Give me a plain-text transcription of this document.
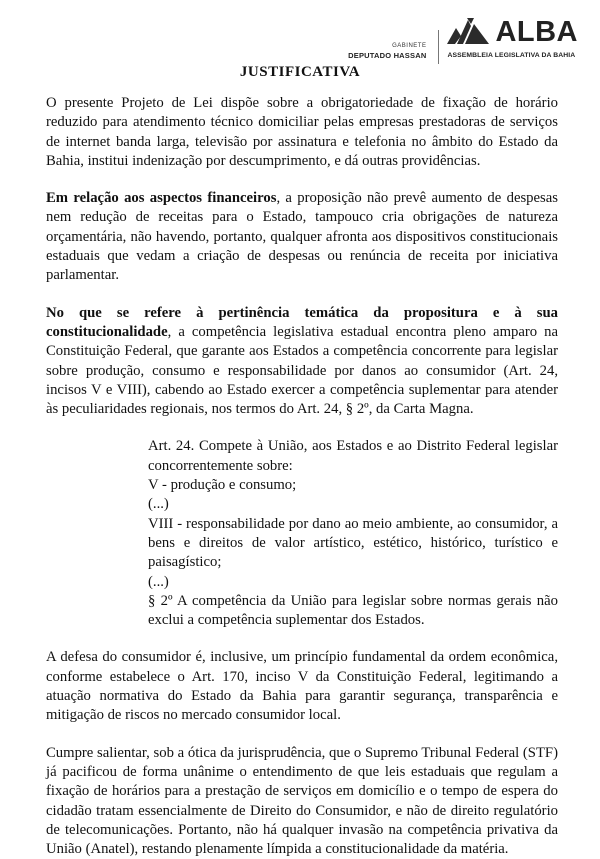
GABINETE
DEPUTADO HASSAN
ALBA
ASSEMBLEIA LEGISLATIVA DA BAHIA
JUSTIFICATIVA

O presente Projeto de Lei dispõe sobre a obrigatoriedade de fixação de horário reduzido para atendimento técnico domiciliar pelas empresas prestadoras de serviços de internet banda larga, televisão por assinatura e telefonia no âmbito do Estado da Bahia, institui indenização por descumprimento, e dá outras providências.

Em relação aos aspectos financeiros, a proposição não prevê aumento de despesas nem redução de receitas para o Estado, tampouco cria obrigações de natureza orçamentária, não havendo, portanto, qualquer afronta aos dispositivos constitucionais estaduais que vedam a criação de despesas ou renúncia de receita por iniciativa parlamentar.

No que se refere à pertinência temática da propositura e à sua constitucionalidade, a competência legislativa estadual encontra pleno amparo na Constituição Federal, que garante aos Estados a competência concorrente para legislar sobre produção, consumo e responsabilidade por danos ao consumidor (Art. 24, incisos V e VIII), cabendo ao Estado exercer a competência suplementar para atender às peculiaridades regionais, nos termos do Art. 24, § 2º, da Carta Magna.

Art. 24. Compete à União, aos Estados e ao Distrito Federal legislar concorrentemente sobre:
V - produção e consumo;
(...)
VIII - responsabilidade por dano ao meio ambiente, ao consumidor, a bens e direitos de valor artístico, estético, histórico, turístico e paisagístico;
(...)
§ 2º A competência da União para legislar sobre normas gerais não exclui a competência suplementar dos Estados.

A defesa do consumidor é, inclusive, um princípio fundamental da ordem econômica, conforme estabelece o Art. 170, inciso V da Constituição Federal, legitimando a atuação normativa do Estado da Bahia para garantir segurança, transparência e mitigação de riscos no mercado consumidor local.

Cumpre salientar, sob a ótica da jurisprudência, que o Supremo Tribunal Federal (STF) já pacificou de forma unânime o entendimento de que leis estaduais que regulam a fixação de horários para a prestação de serviços em domicílio e o tempo de espera do cidadão tratam essencialmente de Direito do Consumidor, e não de direito regulatório de telecomunicações. Portanto, não há qualquer invasão na competência privativa da União (Anatel), restando plenamente límpida a constitucionalidade da matéria.
